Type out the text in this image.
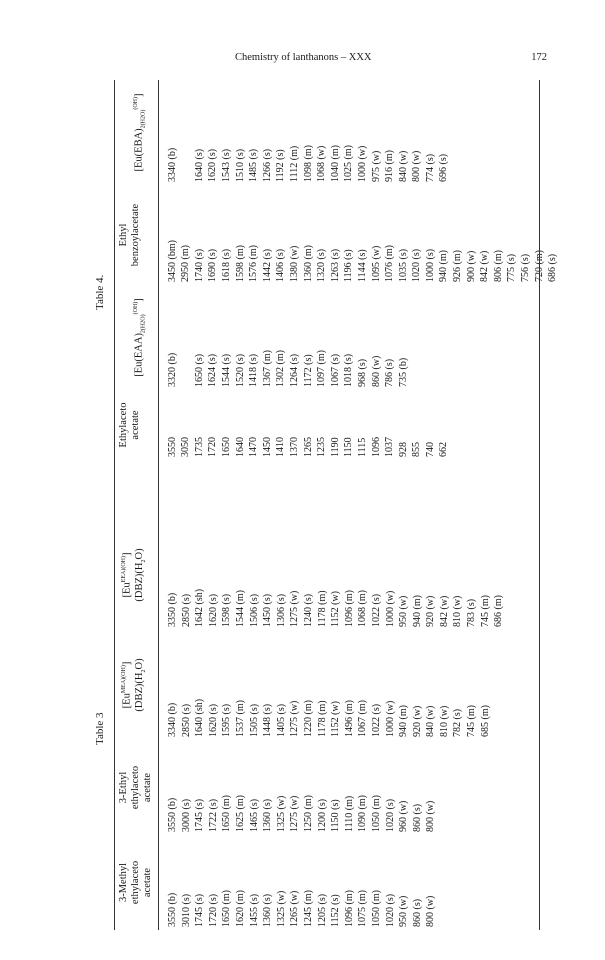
Chemistry of lanthanons – XXX	172
Table 3
Table 4.
3-Methyl ethylaceto acetate
3-Ethyl ethylaceto acetate
$[Eu^{MEA)(OH)}]$
$(DBZ)(H_2O)$
$[Eu^{EEA)(OH)}]$
$(DBZ)(H_2O)$
3550 (b) 3010 (s) 1745 (s) 1720 (s) 1650 (m) 1620 (m) 1455 (s) 1360 (s) 1325 (w) 1265 (w) 1245 (m) 1205 (s) 1152 (s) 1096 (m) 1075 (m) 1050 (m) 1020 (s) 950 (w) 860 (s) 800 (w)
3550 (b) 3000 (s) 1745 (s) 1722 (s) 1650 (m) 1625 (m) 1465 (s) 1360 (s) 1325 (w) 1275 (w) 1250 (m) 1200 (s) 1150 (s) 1110 (m) 1090 (m) 1050 (m) 1020 (s) 960 (w) 860 (s) 800 (w)
3340 (b) 2850 (s) 1640 (sh) 1620 (s) 1595 (s) 1537 (m) 1505 (s) 1448 (s) 1405 (s) 1275 (w) 1220 (m) 1178 (m) 1152 (w) 1496 (m) 1067 (m) 1022 (s) 1000 (w) 940 (m) 920 (w) 840 (w) 810 (w) 782 (s) 745 (m) 685 (m)
3350 (b) 2850 (s) 1642 (sh) 1620 (s) 1598 (s) 1544 (m) 1506 (s) 1450 (s) 1306 (s) 1275 (w) 1240 (s) 1178 (m) 1152 (w) 1096 (m) 1068 (m) 1022 (s) 1000 (w) 950 (w) 940 (m) 920 (w) 842 (w) 810 (w) 783 (s) 745 (m) 686 (m)
Ethylaceto acetate

$[Eu(EAA)_{2(H2O)}^{(OH)}]$
Ethyl benzoylacetate

$[Eu(EBA)_{2(H2O)}^{(OH)}]$
3550 3050 1735 1720 1650 1640 1470 1450 1410 1370 1265 1235 1190 1150 1115 1096 1037 928 855 740 662
3320 (b)
1650 (s) 1624 (s) 1544 (s) 1520 (s) 1418 (s) 1367 (m) 1302 (m) 1264 (s) 1172 (s) 1097 (m) 1067 (s) 1018 (s) 968 (s) 860 (w) 786 (s) 735 (b)
3450 (bm) 2950 (m) 1740 (s) 1690 (s) 1618 (s) 1598 (m) 1576 (m) 1442 (s) 1406 (s) 1380 (w) 1360 (m) 1320 (s) 1263 (s) 1196 (s) 1144 (s) 1095 (w) 1076 (m) 1035 (s) 1020 (s) 1000 (s) 940 (m) 926 (m) 900 (w) 842 (w) 806 (m) 775 (s) 756 (s) 720 (m) 686 (s)
3340 (b)
1640 (s) 1620 (s) 1543 (s) 1510 (s) 1485 (s) 1266 (s) 1192 (s) 1112 (m) 1098 (m) 1068 (w) 1040 (m) 1025 (m) 1000 (w) 975 (w) 916 (m) 840 (w) 800 (w) 774 (s) 696 (s)
